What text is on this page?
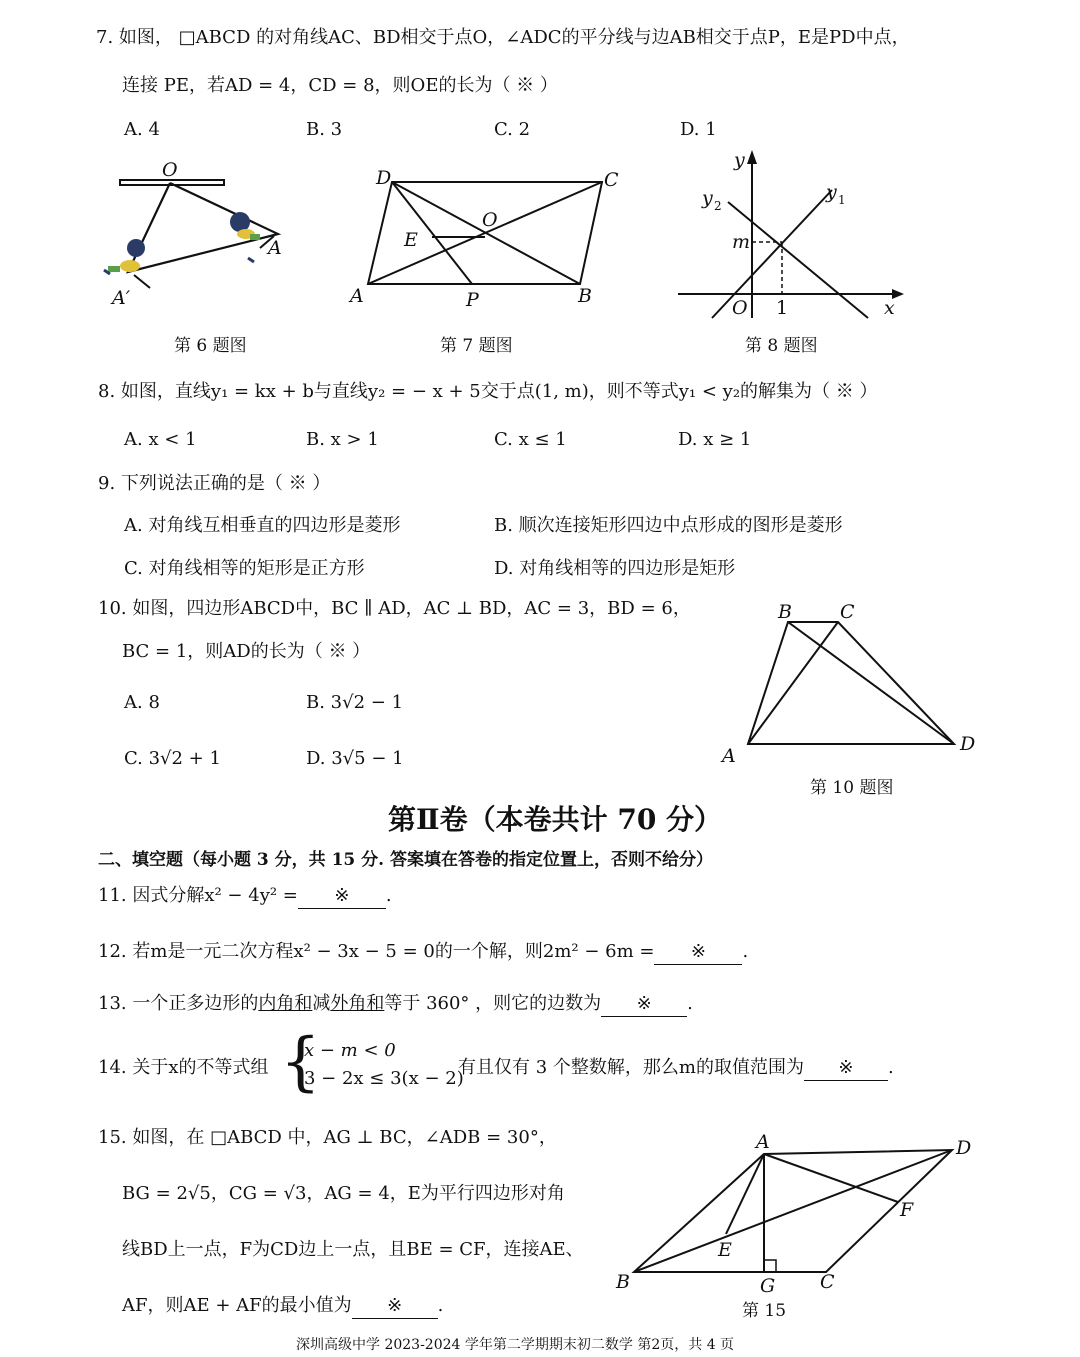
7. 如图， □ABCD 的对角线AC、BD相交于点O，∠ADC的平分线与边AB相交于点P，E是PD中点，
连接 PE，若AD = 4，CD = 8，则OE的长为（ ※ ）
A. 4	B. 3	C. 2	D. 1
O
A
A′
第 6 题图
D	C
A	B
P
O
E
第 7 题图
y
y 1
y 2
m
O 1	x
第 8 题图
8. 如图，直线y₁ = kx + b与直线y₂ = − x + 5交于点(1, m)，则不等式y₁ < y₂的解集为（ ※ ）
A. x < 1	B. x > 1	C. x ≤ 1	D. x ≥ 1
9. 下列说法正确的是（ ※ ）
A. 对角线互相垂直的四边形是菱形	B. 顺次连接矩形四边中点形成的图形是菱形
C. 对角线相等的矩形是正方形	D. 对角线相等的四边形是矩形
10. 如图，四边形ABCD中，BC ∥ AD，AC ⊥ BD，AC = 3，BD = 6，
BC = 1，则AD的长为（ ※ ）
A. 8	B. 3√2 − 1
C. 3√2 + 1	D. 3√5 − 1
B	C
A
D
第 10 题图
第Ⅱ卷（本卷共计 70 分）
二、填空题（每小题 3 分，共 15 分. 答案填在答卷的指定位置上，否则不给分）
11. 因式分解x² − 4y² = ※ .
12. 若m是一元二次方程x² − 3x − 5 = 0的一个解，则2m² − 6m = ※ .
13. 一个正多边形的内角和减外角和等于 360° ，则它的边数为 ※ .
14. 关于x的不等式组 {
x − m < 0
3 − 2x ≤ 3(x − 2)
有且仅有 3 个整数解，那么m的取值范围为 ※ .
15. 如图，在 □ABCD 中，AG ⊥ BC，∠ADB = 30°，
BG = 2√5，CG = √3，AG = 4，E为平行四边形对角
线BD上一点，F为CD边上一点，且BE = CF，连接AE、
AF，则AE + AF的最小值为 ※ .
A	D
F
E
B	G C
第 15
深圳高级中学 2023-2024 学年第二学期期末初二数学 第2页，共 4 页
